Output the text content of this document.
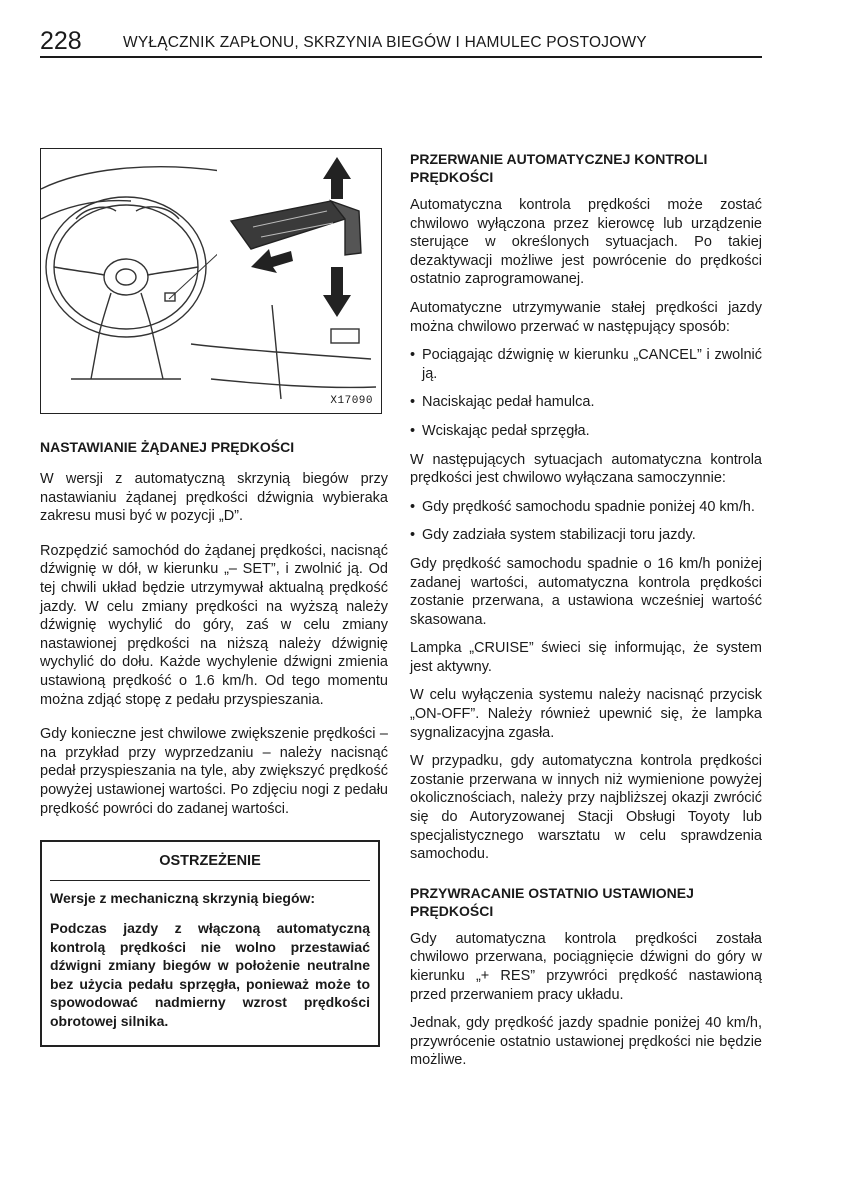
228	WYŁĄCZNIK ZAPŁONU, SKRZYNIA BIEGÓW I HAMULEC POSTOJOWY
X17090
NASTAWIANIE ŻĄDANEJ PRĘDKOŚCI

W wersji z automatyczną skrzynią biegów przy nastawianiu żądanej prędkości dźwignia wybieraka zakresu musi być w pozycji „D”.

Rozpędzić samochód do żądanej prędkości, nacisnąć dźwignię w dół, w kierunku „– SET”, i zwolnić ją. Od tej chwili układ będzie utrzymywał aktualną prędkość jazdy. W celu zmiany prędkości na wyższą należy dźwignię wychylić do góry, zaś w celu zmiany nastawionej prędkości na niższą należy dźwignię wychylić do dołu. Każde wychylenie dźwigni zmienia ustawioną prędkość o 1.6 km/h. Od tego momentu można zdjąć stopę z pedału przyspieszania.

Gdy konieczne jest chwilowe zwiększenie prędkości – na przykład przy wyprzedzaniu – należy nacisnąć pedał przyspieszania na tyle, aby zwiększyć prędkość powyżej ustawionej wartości. Po zdjęciu nogi z pedału prędkość powróci do zadanej wartości.

OSTRZEŻENIE
Wersje z mechaniczną skrzynią biegów:
Podczas jazdy z włączoną automatyczną kontrolą prędkości nie wolno przestawiać dźwigni zmiany biegów w położenie neutralne bez użycia pedału sprzęgła, ponieważ może to spowodować nadmierny wzrost prędkości obrotowej silnika.
PRZERWANIE AUTOMATYCZNEJ KONTROLI PRĘDKOŚCI

Automatyczna kontrola prędkości może zostać chwilowo wyłączona przez kierowcę lub urządzenie sterujące w określonych sytuacjach. Po takiej dezaktywacji możliwe jest powrócenie do prędkości ostatnio zaprogramowanej.

Automatyczne utrzymywanie stałej prędkości jazdy można chwilowo przerwać w następujący sposób:

• Pociągając dźwignię w kierunku „CANCEL” i zwolnić ją.
• Naciskając pedał hamulca.
• Wciskając pedał sprzęgła.

W następujących sytuacjach automatyczna kontrola prędkości jest chwilowo wyłączana samoczynnie:

• Gdy prędkość samochodu spadnie poniżej 40 km/h.
• Gdy zadziała system stabilizacji toru jazdy.

Gdy prędkość samochodu spadnie o 16 km/h poniżej zadanej wartości, automatyczna kontrola prędkości zostanie przerwana, a ustawiona wcześniej wartość skasowana.

Lampka „CRUISE” świeci się informując, że system jest aktywny.

W celu wyłączenia systemu należy nacisnąć przycisk „ON-OFF”. Należy również upewnić się, że lampka sygnalizacyjna zgasła.

W przypadku, gdy automatyczna kontrola prędkości zostanie przerwana w innych niż wymienione powyżej okolicznościach, należy przy najbliższej okazji zwrócić się do Autoryzowanej Stacji Obsługi Toyoty lub specjalistycznego warsztatu w celu sprawdzenia samochodu.

PRZYWRACANIE OSTATNIO USTAWIONEJ PRĘDKOŚCI

Gdy automatyczna kontrola prędkości została chwilowo przerwana, pociągnięcie dźwigni do góry w kierunku „+ RES” przywróci prędkość nastawioną przed przerwaniem pracy układu.

Jednak, gdy prędkość jazdy spadnie poniżej 40 km/h, przywrócenie ostatnio ustawionej prędkości nie będzie możliwe.
